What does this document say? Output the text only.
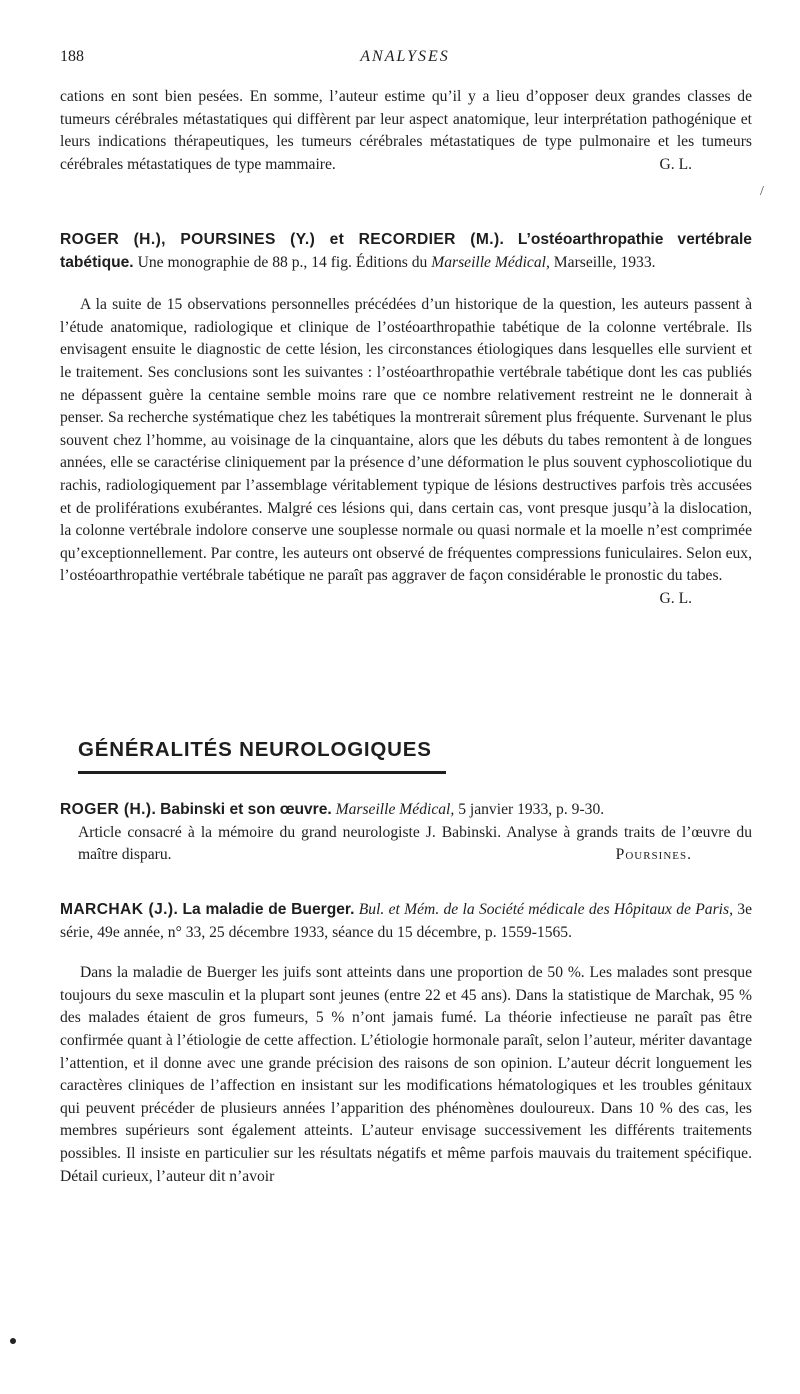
188	ANALYSES

cations en sont bien pesées. En somme, l’auteur estime qu’il y a lieu d’opposer deux grandes classes de tumeurs cérébrales métastatiques qui diffèrent par leur aspect anatomique, leur interprétation pathogénique et leurs indications thérapeutiques, les tumeurs cérébrales métastatiques de type pulmonaire et les tumeurs cérébrales métastatiques de type mammaire.	G. L.

/

ROGER (H.), POURSINES (Y.) et RECORDIER (M.). L’ostéoarthropathie vertébrale tabétique. Une monographie de 88 p., 14 fig. Éditions du Marseille Médical, Marseille, 1933.

A la suite de 15 observations personnelles précédées d’un historique de la question, les auteurs passent à l’étude anatomique, radiologique et clinique de l’ostéoarthropathie tabétique de la colonne vertébrale. Ils envisagent ensuite le diagnostic de cette lésion, les circonstances étiologiques dans lesquelles elle survient et le traitement. Ses conclusions sont les suivantes : l’ostéoarthropathie vertébrale tabétique dont les cas publiés ne dépassent guère la centaine semble moins rare que ce nombre relativement restreint ne le donnerait à penser. Sa recherche systématique chez les tabétiques la montrerait sûrement plus fréquente. Survenant le plus souvent chez l’homme, au voisinage de la cinquantaine, alors que les débuts du tabes remontent à de longues années, elle se caractérise cliniquement par la présence d’une déformation le plus souvent cyphoscoliotique du rachis, radiologiquement par l’assemblage véritablement typique de lésions destructives parfois très accusées et de proliférations exubérantes. Malgré ces lésions qui, dans certain cas, vont presque jusqu’à la dislocation, la colonne vertébrale indolore conserve une souplesse normale ou quasi normale et la moelle n’est comprimée qu’exceptionnellement. Par contre, les auteurs ont observé de fréquentes compressions funiculaires. Selon eux, l’ostéoarthropathie vertébrale tabétique ne paraît pas aggraver de façon considérable le pronostic du tabes.
G. L.

GÉNÉRALITÉS NEUROLOGIQUES

ROGER (H.). Babinski et son œuvre. Marseille Médical, 5 janvier 1933, p. 9-30.

Article consacré à la mémoire du grand neurologiste J. Babinski. Analyse à grands traits de l’œuvre du maître disparu.	Poursines.

MARCHAK (J.). La maladie de Buerger. Bul. et Mém. de la Société médicale des Hôpitaux de Paris, 3e série, 49e année, n° 33, 25 décembre 1933, séance du 15 décembre, p. 1559-1565.

Dans la maladie de Buerger les juifs sont atteints dans une proportion de 50 %. Les malades sont presque toujours du sexe masculin et la plupart sont jeunes (entre 22 et 45 ans). Dans la statistique de Marchak, 95 % des malades étaient de gros fumeurs, 5 % n’ont jamais fumé. La théorie infectieuse ne paraît pas être confirmée quant à l’étiologie de cette affection. L’étiologie hormonale paraît, selon l’auteur, mériter davantage l’attention, et il donne avec une grande précision des raisons de son opinion. L’auteur décrit longuement les caractères cliniques de l’affection en insistant sur les modifications hématologiques et les troubles génitaux qui peuvent précéder de plusieurs années l’apparition des phénomènes douloureux. Dans 10 % des cas, les membres supérieurs sont également atteints. L’auteur envisage successivement les différents traitements possibles. Il insiste en particulier sur les résultats négatifs et même parfois mauvais du traitement spécifique. Détail curieux, l’auteur dit n’avoir
